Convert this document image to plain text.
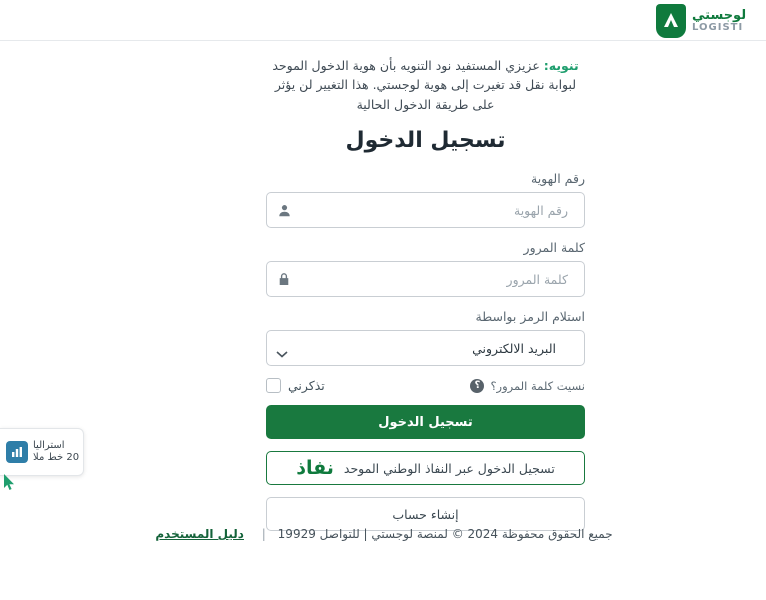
لوجستي
LOGISTI

تنويه: عزيزي المستفيد نود التنويه بأن هوية الدخول الموحد لبوابة نقل قد تغيرت إلى هوية لوجستي. هذا التغيير لن يؤثر على طريقة الدخول الحالية

تسجيل الدخول
رقم الهوية
رقم الهوية
كلمة المرور
استلام الرمز بواسطة
البريد الالكتروني
تذكرني	؟ نسيت كلمة المرور؟
تسجيل الدخول
نفاذ تسجيل الدخول عبر النفاذ الوطني الموحد
إنشاء حساب
جميع الحقوق محفوظة 2024 © لمنصة لوجستي | للتواصل 19929 | دليل المستخدم
استراليا
20 خط ملا
